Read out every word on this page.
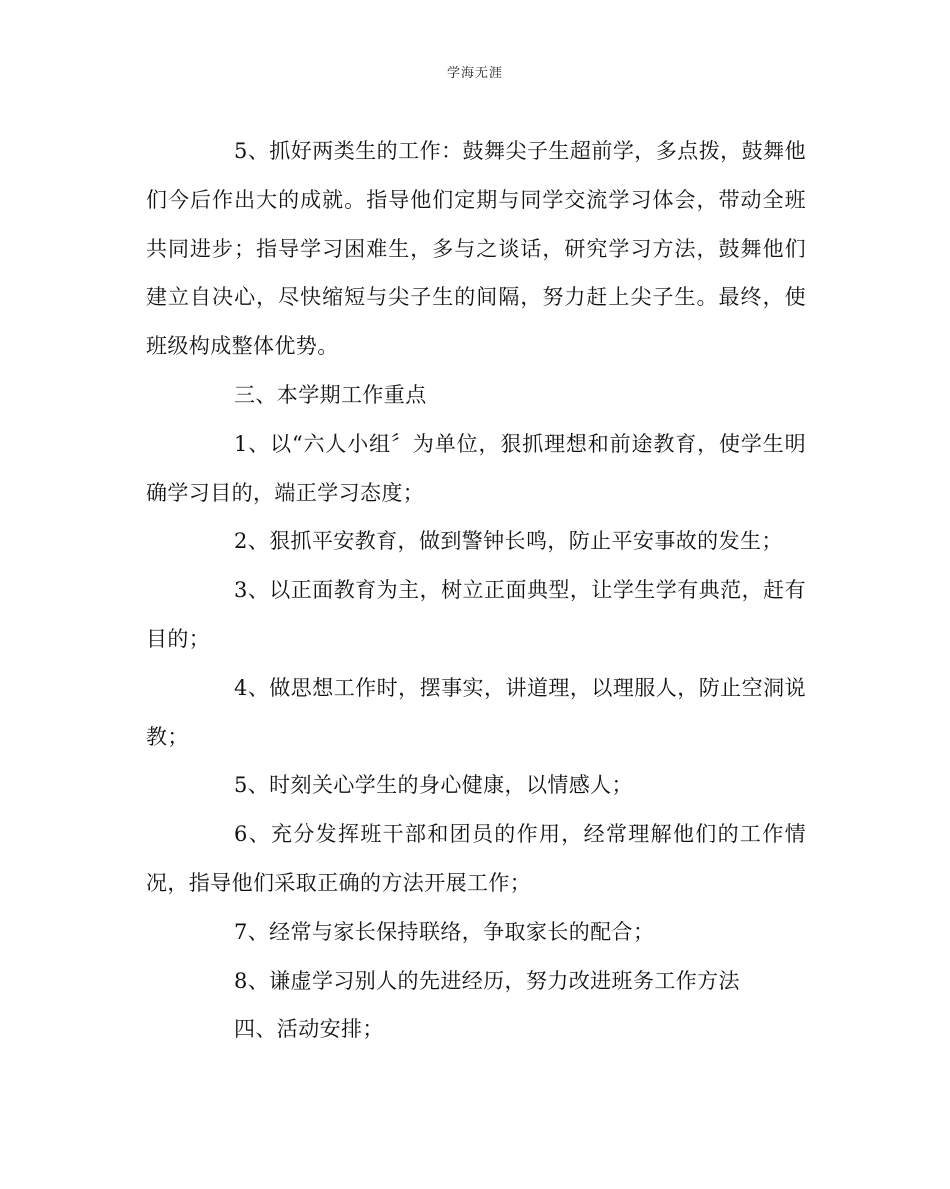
学海无涯

5、抓好两类生的工作：鼓舞尖子生超前学，多点拨，鼓舞他们今后作出大的成就。指导他们定期与同学交流学习体会，带动全班共同进步；指导学习困难生，多与之谈话，研究学习方法，鼓舞他们建立自决心，尽快缩短与尖子生的间隔，努力赶上尖子生。最终，使班级构成整体优势。

三、本学期工作重点

1、以“六人小组〞为单位，狠抓理想和前途教育，使学生明确学习目的，端正学习态度；

2、狠抓平安教育，做到警钟长鸣，防止平安事故的发生；

3、以正面教育为主，树立正面典型，让学生学有典范，赶有目的；

4、做思想工作时，摆事实，讲道理，以理服人，防止空洞说教；

5、时刻关心学生的身心健康，以情感人；

6、充分发挥班干部和团员的作用，经常理解他们的工作情况，指导他们采取正确的方法开展工作；

7、经常与家长保持联络，争取家长的配合；

8、谦虚学习别人的先进经历，努力改进班务工作方法

四、活动安排；
